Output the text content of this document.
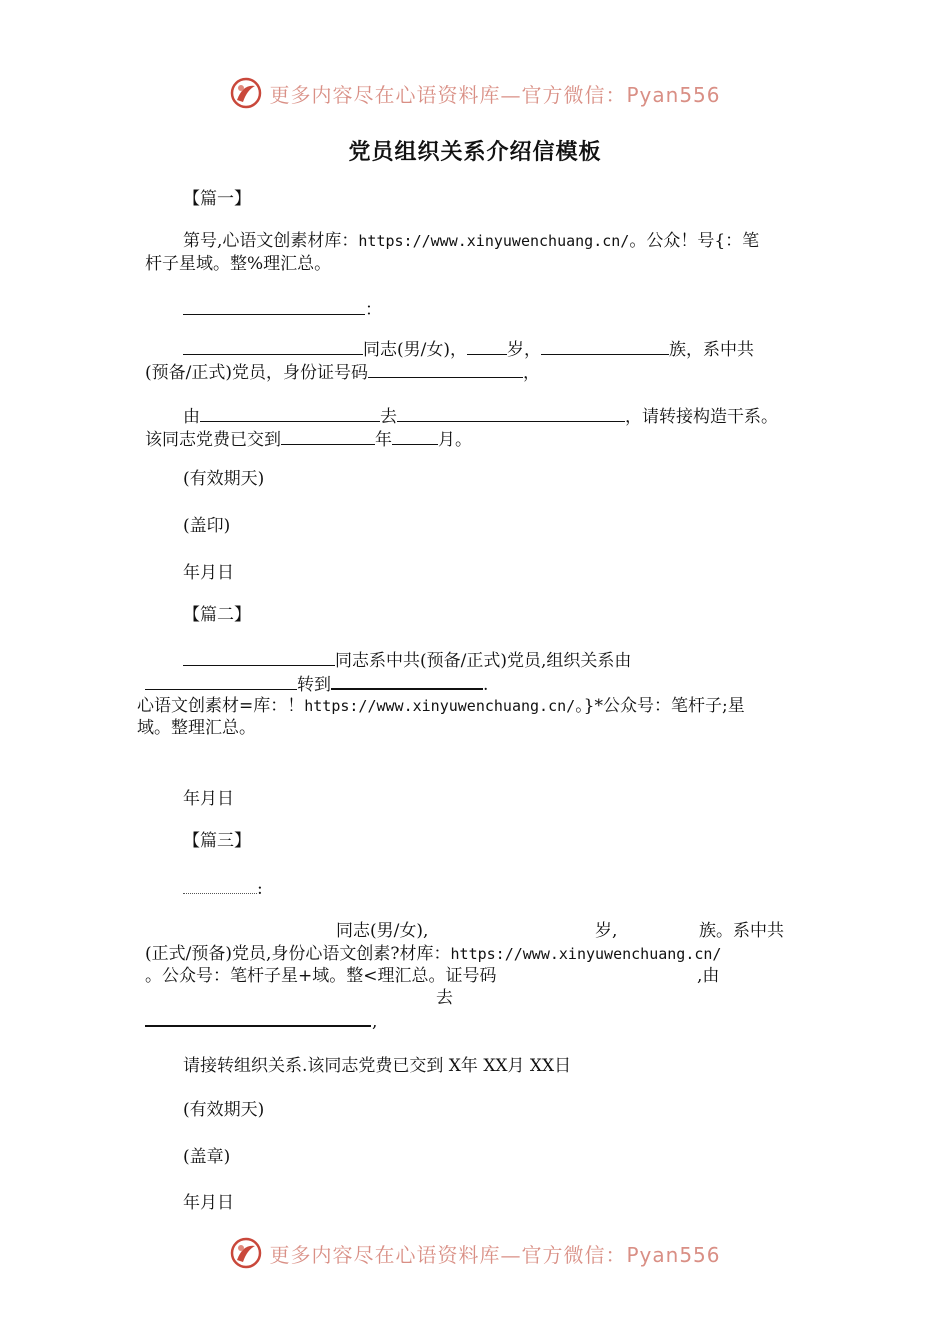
更多内容尽在心语资料库—官方微信：Pyan556
党员组织关系介绍信模板
【篇一】
第号,心语文创素材库：https://www.xinyuwenchuang.cn/。公众！号{：笔
杆子星域。整%理汇总。
：
同志(男/女)， 岁，	族，系中共
(预备/正式)党员，身份证号码	，
由	去	，请转接构造干系。
该同志党费已交到	年	月。
(有效期天)
(盖印)
年月日
【篇二】
同志系中共(预备/正式)党员,组织关系由
转到	.
心语文创素材=库：！https://www.xinyuwenchuang.cn/。}*公众号：笔杆子;星
域。整理汇总。
年月日
【篇三】
:
同志(男/女),	岁,	族。系中共
(正式/预备)党员,身份心语文创素?材库：https://www.xinyuwenchuang.cn/
。公众号：笔杆子星+域。整<理汇总。证号码	,由
去
,
请接转组织关系.该同志党费已交到 X年 XX月 XX日
(有效期天)
(盖章)
年月日
更多内容尽在心语资料库—官方微信：Pyan556
